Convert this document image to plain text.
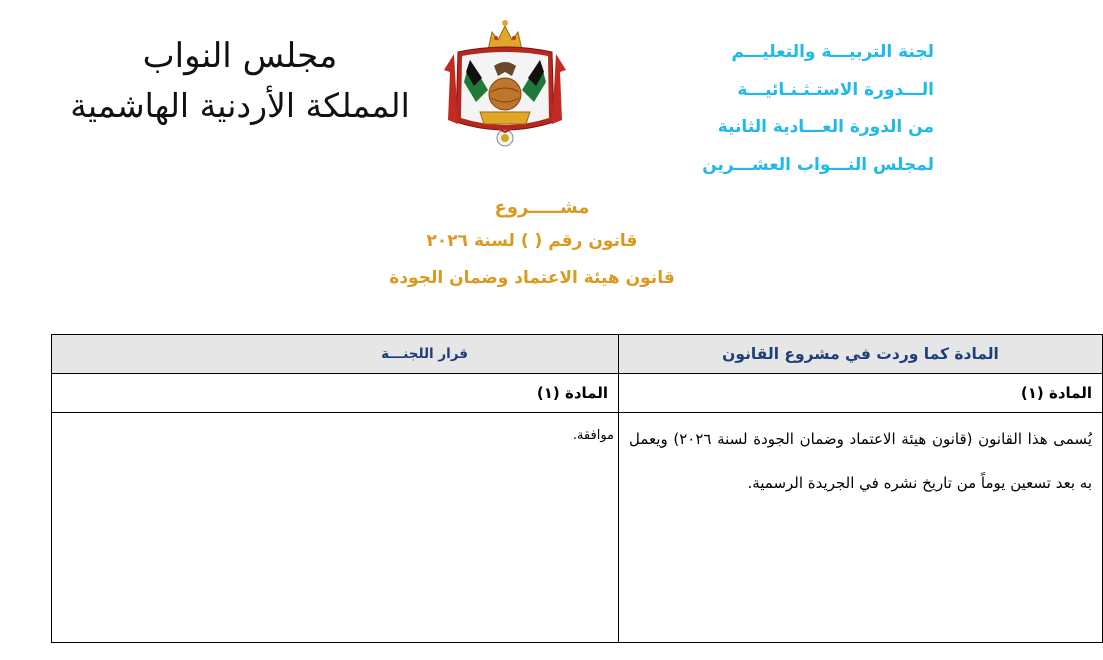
لجنة التربيـــة والتعليـــم
الـــدورة الاستـثـنـائيـــة
من الدورة العـــادية الثانية
لمجلس النـــواب العشـــرين
مجلس النواب
المملكة الأردنية الهاشمية
مشـــــروع
قانون رقم ( ) لسنة ٢٠٢٦
قانون هيئة الاعتماد وضمان الجودة
المادة كما وردت في مشروع القانون	قرار اللجنـــة
المادة (١)	المادة (١)

يُسمى هذا القانون (قانون هيئة الاعتماد وضمان الجودة لسنة ٢٠٢٦) ويعمل به بعد تسعين يوماً من تاريخ نشره في الجريدة الرسمية.	موافقة.
